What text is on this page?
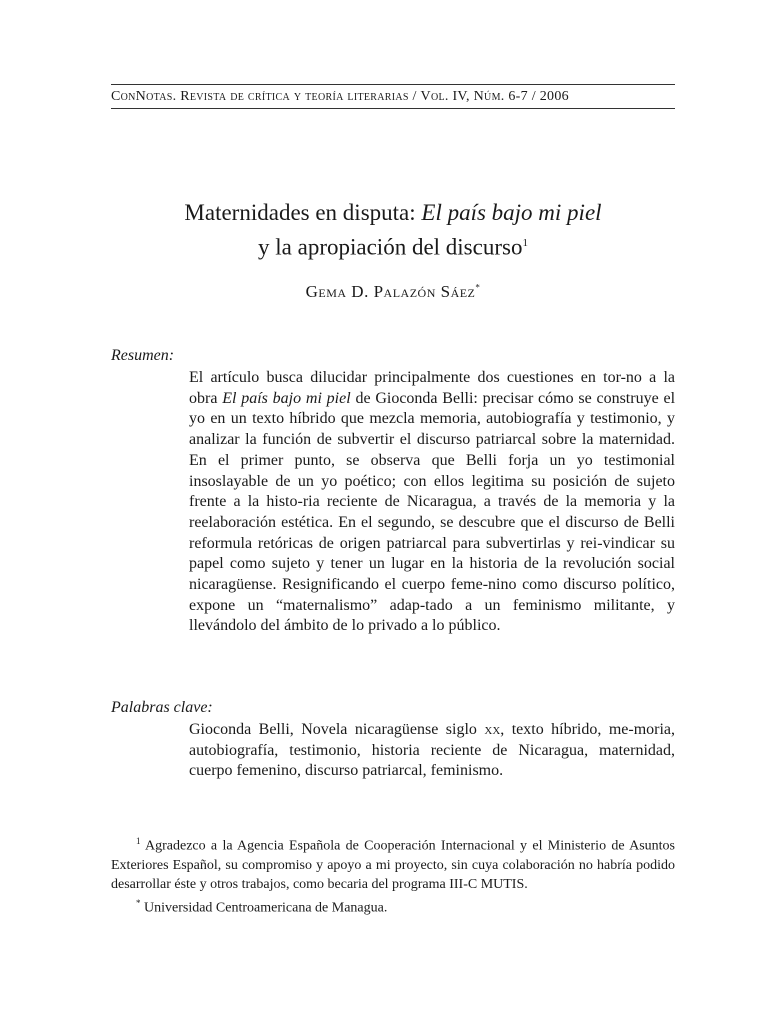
ConNotas. Revista de crítica y teoría literarias / Vol. IV, Núm. 6-7 / 2006
Maternidades en disputa: El país bajo mi piel
y la apropiación del discurso$^1$
Gema D. Palazón Sáez*
Resumen:
El artículo busca dilucidar principalmente dos cuestiones en tor-no a la obra El país bajo mi piel de Gioconda Belli: precisar cómo se construye el yo en un texto híbrido que mezcla memoria, autobiografía y testimonio, y analizar la función de subvertir el discurso patriarcal sobre la maternidad. En el primer punto, se observa que Belli forja un yo testimonial insoslayable de un yo poético; con ellos legitima su posición de sujeto frente a la histo-ria reciente de Nicaragua, a través de la memoria y la reelaboración estética. En el segundo, se descubre que el discurso de Belli reformula retóricas de origen patriarcal para subvertirlas y rei-vindicar su papel como sujeto y tener un lugar en la historia de la revolución social nicaragüense. Resignificando el cuerpo feme-nino como discurso político, expone un “maternalismo” adap-tado a un feminismo militante, y llevándolo del ámbito de lo privado a lo público.
Palabras clave:
Gioconda Belli, Novela nicaragüense siglo xx, texto híbrido, me-moria, autobiografía, testimonio, historia reciente de Nicaragua, maternidad, cuerpo femenino, discurso patriarcal, feminismo.

$^1$ Agradezco a la Agencia Española de Cooperación Internacional y el Ministerio de Asuntos Exteriores Español, su compromiso y apoyo a mi proyecto, sin cuya colaboración no habría podido desarrollar éste y otros trabajos, como becaria del programa III-C MUTIS.

* Universidad Centroamericana de Managua.
